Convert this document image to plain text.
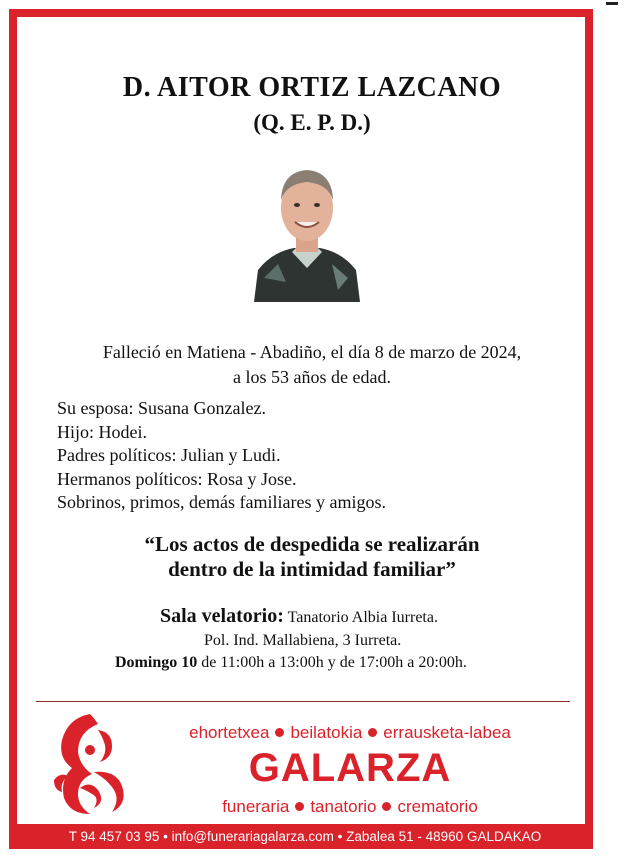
D. AITOR ORTIZ LAZCANO
(Q. E. P. D.)
Falleció en Matiena - Abadiño, el día 8 de marzo de 2024,
a los 53 años de edad.
Su esposa: Susana Gonzalez.
Hijo: Hodei.
Padres políticos: Julian y Ludi.
Hermanos políticos: Rosa y Jose.
Sobrinos, primos, demás familiares y amigos.
“Los actos de despedida se realizarán
dentro de la intimidad familiar”
Sala velatorio: Tanatorio Albia Iurreta.
Pol. Ind. Mallabiena, 3 Iurreta.
Domingo 10 de 11:00h a 13:00h y de 17:00h a 20:00h.
ehortetxea beilatokia errausketa-labea
GALARZA
funeraria tanatorio crematorio
T 94 457 03 95 • info@funerariagalarza.com • Zabalea 51 - 48960 GALDAKAO
